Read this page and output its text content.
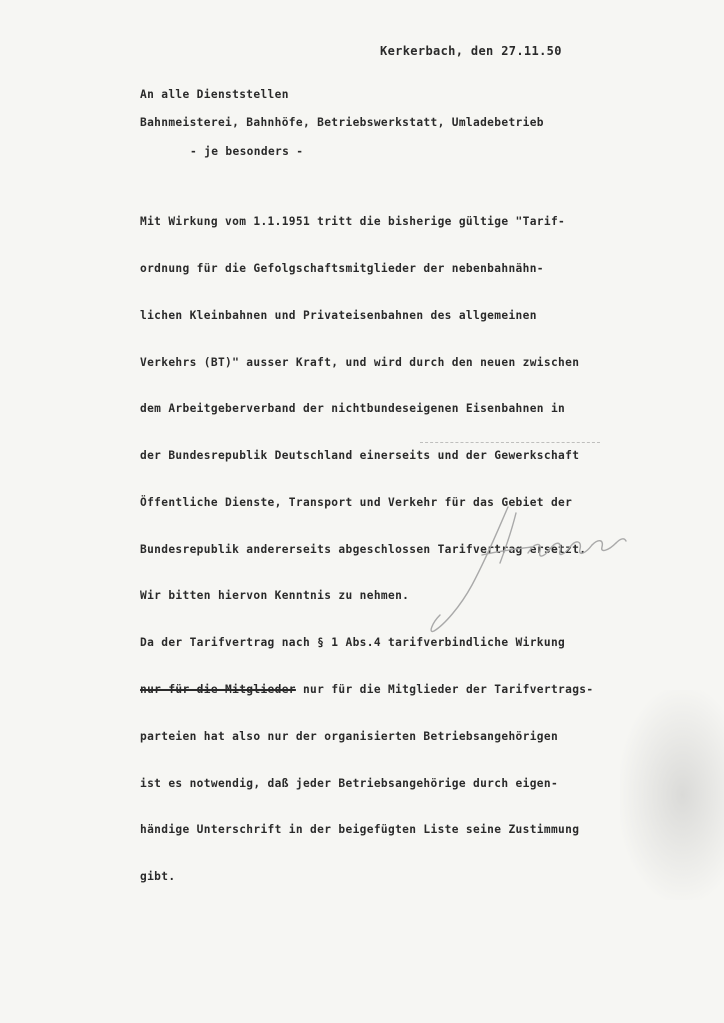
Kerkerbach, den 27.11.50

An alle Dienststellen

Bahnmeisterei, Bahnhöfe, Betriebswerkstatt, Umladebetrieb

- je besonders -

Mit Wirkung vom 1.1.1951 tritt die bisherige gültige "Tarif-

ordnung für die Gefolgschaftsmitglieder der nebenbahnähn-

lichen Kleinbahnen und Privateisenbahnen des allgemeinen

Verkehrs (BT)" ausser Kraft, und wird durch den neuen zwischen

dem Arbeitgeberverband der nichtbundeseigenen Eisenbahnen in

der Bundesrepublik Deutschland einerseits und der Gewerkschaft

Öffentliche Dienste, Transport und Verkehr für das Gebiet der

Bundesrepublik andererseits abgeschlossen Tarifvertrag ersetzt.

Wir bitten hiervon Kenntnis zu nehmen.

Da der Tarifvertrag nach § 1 Abs.4 tarifverbindliche Wirkung

nur für die Mitglieder nur für die Mitglieder der Tarifvertrags-

parteien hat also nur der organisierten Betriebsangehörigen

ist es notwendig, daß jeder Betriebsangehörige durch eigen-

händige Unterschrift in der beigefügten Liste seine Zustimmung

gibt.
